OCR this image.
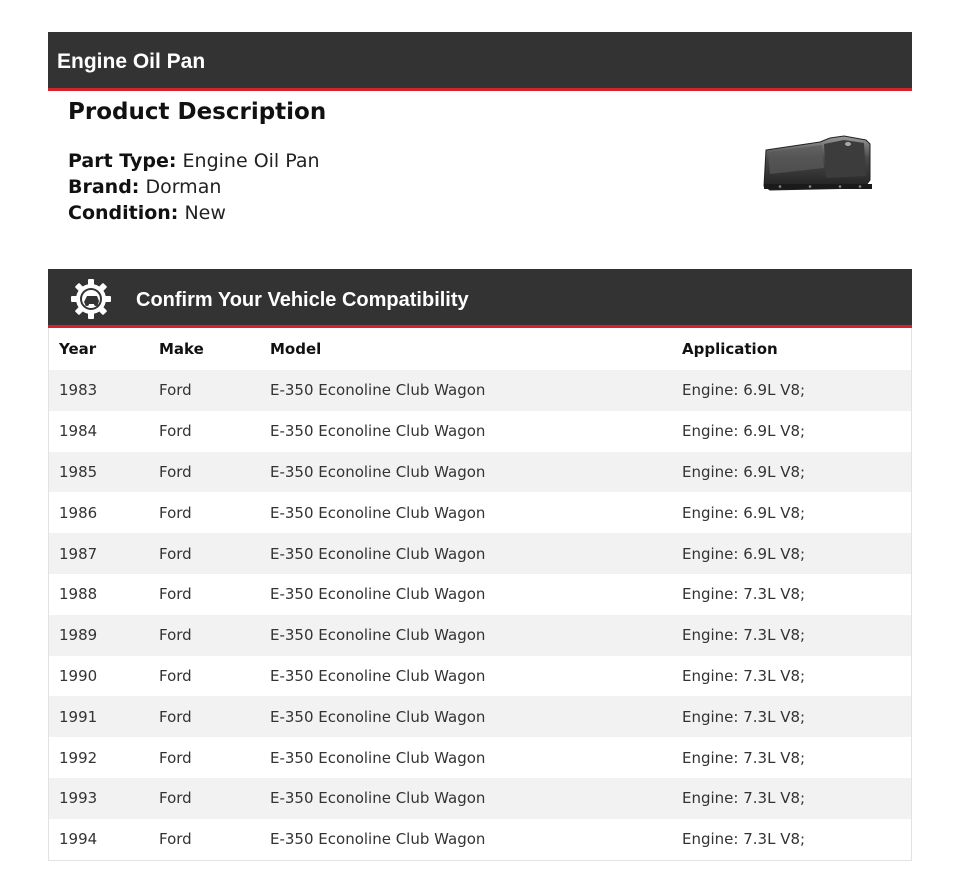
Engine Oil Pan
Product Description
Part Type: Engine Oil Pan
Brand: Dorman
Condition: New
Confirm Your Vehicle Compatibility
Year	Make	Model	Application
1983	Ford	E-350 Econoline Club Wagon	Engine: 6.9L V8;
1984	Ford	E-350 Econoline Club Wagon	Engine: 6.9L V8;
1985	Ford	E-350 Econoline Club Wagon	Engine: 6.9L V8;
1986	Ford	E-350 Econoline Club Wagon	Engine: 6.9L V8;
1987	Ford	E-350 Econoline Club Wagon	Engine: 6.9L V8;
1988	Ford	E-350 Econoline Club Wagon	Engine: 7.3L V8;
1989	Ford	E-350 Econoline Club Wagon	Engine: 7.3L V8;
1990	Ford	E-350 Econoline Club Wagon	Engine: 7.3L V8;
1991	Ford	E-350 Econoline Club Wagon	Engine: 7.3L V8;
1992	Ford	E-350 Econoline Club Wagon	Engine: 7.3L V8;
1993	Ford	E-350 Econoline Club Wagon	Engine: 7.3L V8;
1994	Ford	E-350 Econoline Club Wagon	Engine: 7.3L V8;
